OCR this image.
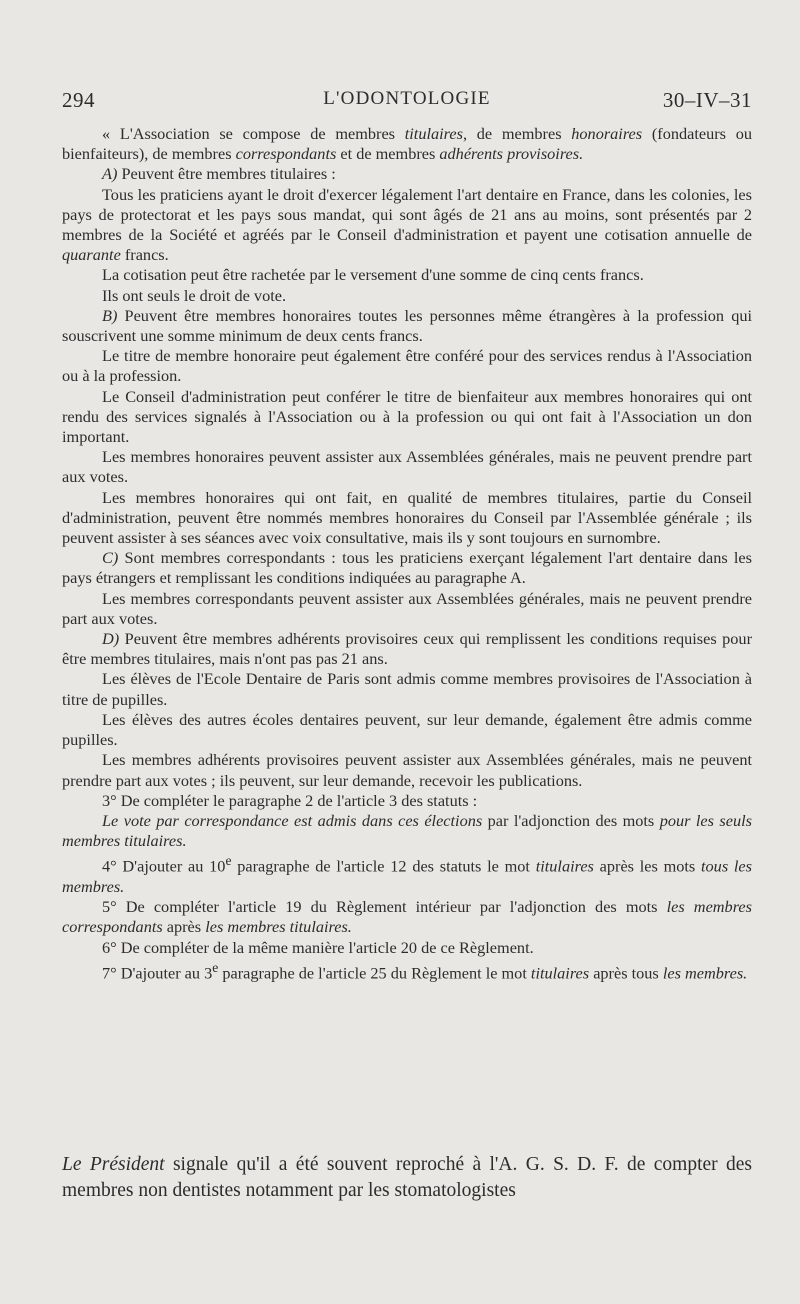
294	L'ODONTOLOGIE	30–IV–31

« L'Association se compose de membres titulaires, de membres honoraires (fondateurs ou bienfaiteurs), de membres correspondants et de membres adhérents provisoires.

A) Peuvent être membres titulaires :

Tous les praticiens ayant le droit d'exercer légalement l'art dentaire en France, dans les colonies, les pays de protectorat et les pays sous mandat, qui sont âgés de 21 ans au moins, sont présentés par 2 membres de la Société et agréés par le Conseil d'administration et payent une cotisation annuelle de quarante francs.

La cotisation peut être rachetée par le versement d'une somme de cinq cents francs.

Ils ont seuls le droit de vote.

B) Peuvent être membres honoraires toutes les personnes même étrangères à la profession qui souscrivent une somme minimum de deux cents francs.

Le titre de membre honoraire peut également être conféré pour des services rendus à l'Association ou à la profession.

Le Conseil d'administration peut conférer le titre de bienfaiteur aux membres honoraires qui ont rendu des services signalés à l'Association ou à la profession ou qui ont fait à l'Association un don important.

Les membres honoraires peuvent assister aux Assemblées générales, mais ne peuvent prendre part aux votes.

Les membres honoraires qui ont fait, en qualité de membres titulaires, partie du Conseil d'administration, peuvent être nommés membres honoraires du Conseil par l'Assemblée générale ; ils peuvent assister à ses séances avec voix consultative, mais ils y sont toujours en surnombre.

C) Sont membres correspondants : tous les praticiens exerçant légalement l'art dentaire dans les pays étrangers et remplissant les conditions indiquées au paragraphe A.

Les membres correspondants peuvent assister aux Assemblées générales, mais ne peuvent prendre part aux votes.

D) Peuvent être membres adhérents provisoires ceux qui remplissent les conditions requises pour être membres titulaires, mais n'ont pas pas 21 ans.

Les élèves de l'Ecole Dentaire de Paris sont admis comme membres provisoires de l'Association à titre de pupilles.

Les élèves des autres écoles dentaires peuvent, sur leur demande, également être admis comme pupilles.

Les membres adhérents provisoires peuvent assister aux Assemblées générales, mais ne peuvent prendre part aux votes ; ils peuvent, sur leur demande, recevoir les publications.

3° De compléter le paragraphe 2 de l'article 3 des statuts :

Le vote par correspondance est admis dans ces élections par l'adjonction des mots pour les seuls membres titulaires.

4° D'ajouter au 10e paragraphe de l'article 12 des statuts le mot titulaires après les mots tous les membres.

5° De compléter l'article 19 du Règlement intérieur par l'adjonction des mots les membres correspondants après les membres titulaires.

6° De compléter de la même manière l'article 20 de ce Règlement.

7° D'ajouter au 3e paragraphe de l'article 25 du Règlement le mot titulaires après tous les membres.

Le Président signale qu'il a été souvent reproché à l'A. G. S. D. F. de compter des membres non dentistes notamment par les stomatologistes
